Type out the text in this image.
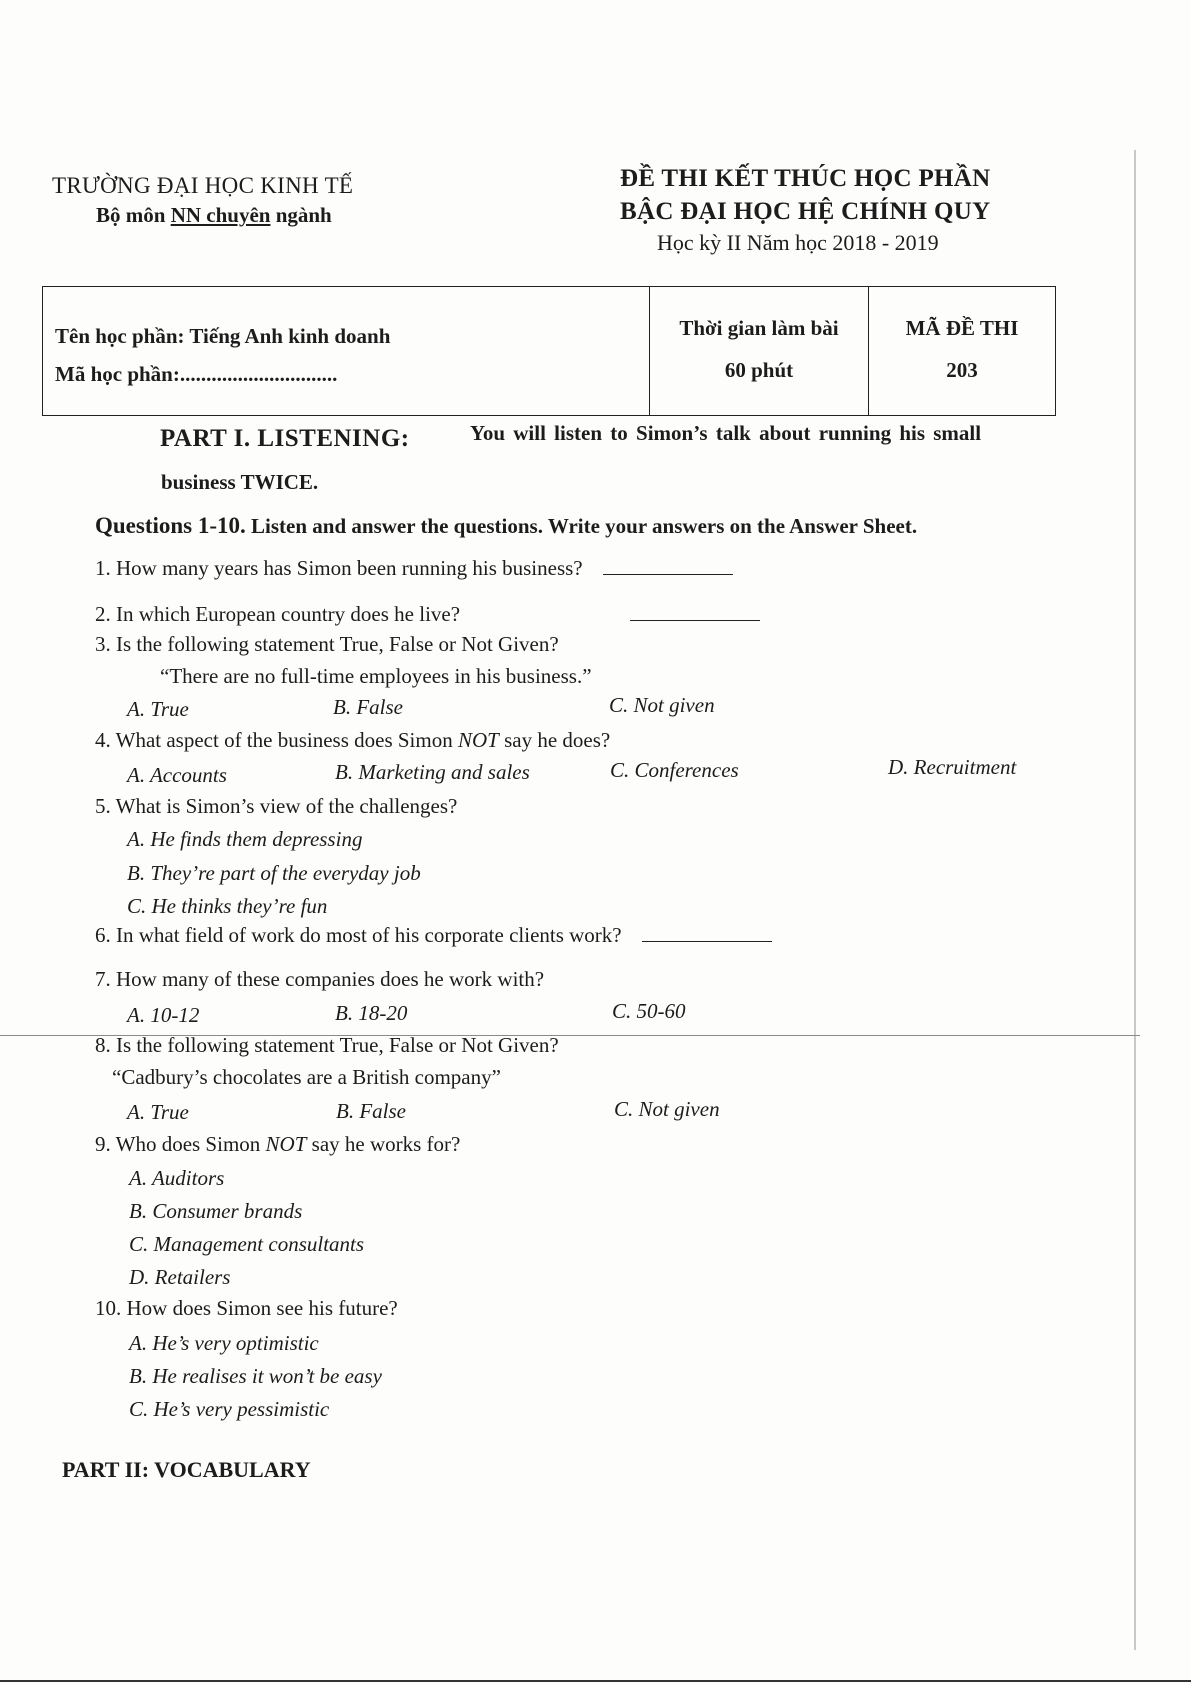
TRƯỜNG ĐẠI HỌC KINH TẾ
Bộ môn NN chuyên ngành
ĐỀ THI KẾT THÚC HỌC PHẦN
BẬC ĐẠI HỌC HỆ CHÍNH QUY
Học kỳ II Năm học 2018 - 2019
Tên học phần: Tiếng Anh kinh doanh
Mã học phần:..............................

Thời gian làm bài
60 phút

MÃ ĐỀ THI
203
PART I. LISTENING:	You will listen to Simon’s talk about running his small
business TWICE.
Questions 1-10. Listen and answer the questions. Write your answers on the Answer Sheet.
1. How many years has Simon been running his business?
2. In which European country does he live?
3. Is the following statement True, False or Not Given?
“There are no full-time employees in his business.”
A. True	B. False	C. Not given
4. What aspect of the business does Simon NOT say he does?
A. Accounts	B. Marketing and sales	C. Conferences	D. Recruitment
5. What is Simon’s view of the challenges?
A. He finds them depressing
B. They’re part of the everyday job
C. He thinks they’re fun
6. In what field of work do most of his corporate clients work?
7. How many of these companies does he work with?
A. 10-12	B. 18-20	C. 50-60
8. Is the following statement True, False or Not Given?
“Cadbury’s chocolates are a British company”
A. True	B. False	C. Not given
9. Who does Simon NOT say he works for?
A. Auditors
B. Consumer brands
C. Management consultants
D. Retailers
10. How does Simon see his future?
A. He’s very optimistic
B. He realises it won’t be easy
C. He’s very pessimistic
PART II: VOCABULARY
